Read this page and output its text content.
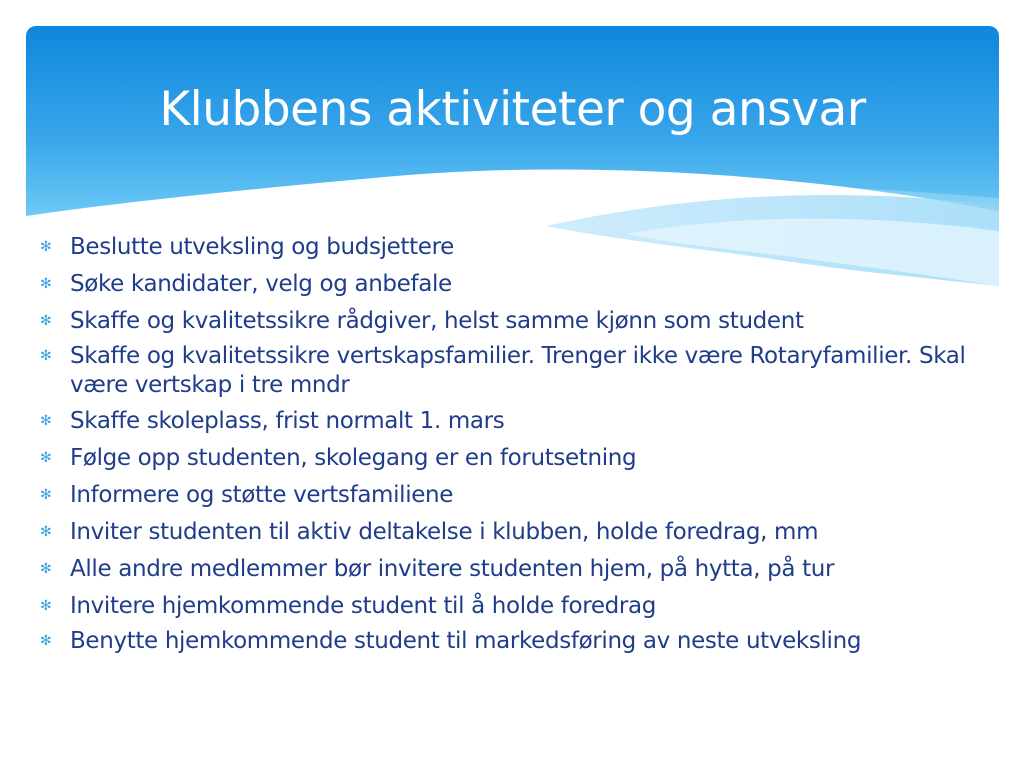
Klubbens aktiviteter og ansvar
✻ Beslutte utveksling og budsjettere
✻ Søke kandidater, velg og anbefale
✻ Skaffe og kvalitetssikre rådgiver, helst samme kjønn som student
✻ Skaffe og kvalitetssikre vertskapsfamilier. Trenger ikke være Rotaryfamilier. Skal være vertskap i tre mndr
✻ Skaffe skoleplass, frist normalt 1. mars
✻ Følge opp studenten, skolegang er en forutsetning
✻ Informere og støtte vertsfamiliene
✻ Inviter studenten til aktiv deltakelse i klubben, holde foredrag, mm
✻ Alle andre medlemmer bør invitere studenten hjem, på hytta, på tur
✻ Invitere hjemkommende student til å holde foredrag
✻ Benytte hjemkommende student til markedsføring av neste utveksling
